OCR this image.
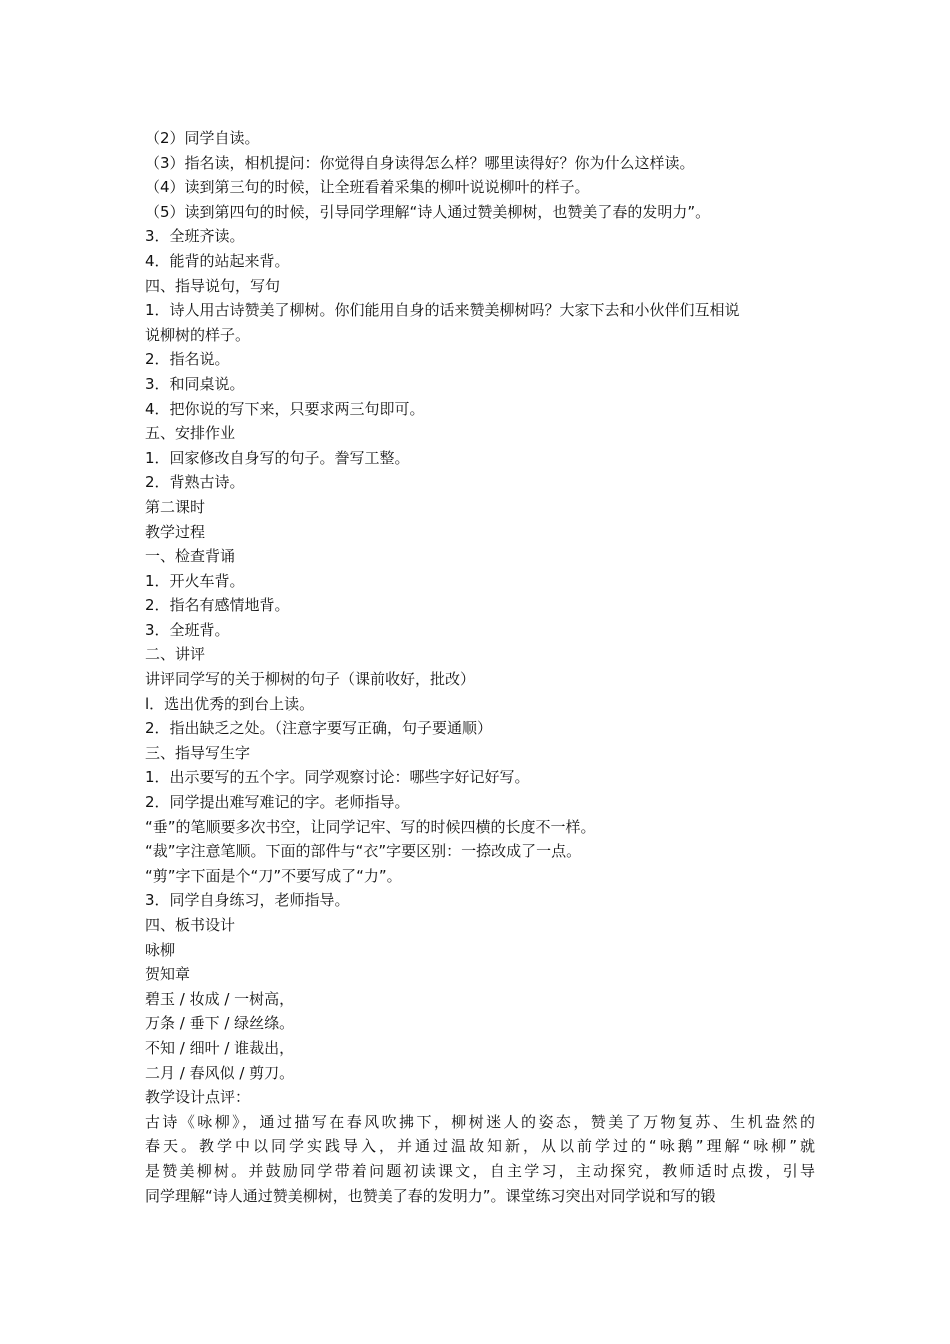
（2）同学自读。
（3）指名读，相机提问：你觉得自身读得怎么样？哪里读得好？你为什么这样读。
（4）读到第三句的时候，让全班看着采集的柳叶说说柳叶的样子。
（5）读到第四句的时候，引导同学理解“诗人通过赞美柳树，也赞美了春的发明力”。
3．全班齐读。
4．能背的站起来背。
四、指导说句，写句
1．诗人用古诗赞美了柳树。你们能用自身的话来赞美柳树吗？大家下去和小伙伴们互相说
说柳树的样子。
2．指名说。
3．和同桌说。
4．把你说的写下来，只要求两三句即可。
五、安排作业
1．回家修改自身写的句子。誊写工整。
2．背熟古诗。
第二课时
教学过程
一、检查背诵
1．开火车背。
2．指名有感情地背。
3．全班背。
二、讲评
讲评同学写的关于柳树的句子（课前收好，批改）
l．选出优秀的到台上读。
2．指出缺乏之处。（注意字要写正确，句子要通顺）
三、指导写生字
1．出示要写的五个字。同学观察讨论：哪些字好记好写。
2．同学提出难写难记的字。老师指导。
“垂”的笔顺要多次书空，让同学记牢、写的时候四横的长度不一样。
“裁”字注意笔顺。下面的部件与“衣”字要区别：一捺改成了一点。
“剪”字下面是个“刀”不要写成了“力”。
3．同学自身练习，老师指导。
四、板书设计
咏柳
贺知章
碧玉 / 妆成 / 一树高，
万条 / 垂下 / 绿丝绦。
不知 / 细叶 / 谁裁出，
二月 / 春风似 / 剪刀。
教学设计点评：
古诗《咏柳》，通过描写在春风吹拂下，柳树迷人的姿态，赞美了万物复苏、生机盎然的
春天。教学中以同学实践导入，并通过温故知新，从以前学过的“咏鹅”理解“咏柳”就
是赞美柳树。并鼓励同学带着问题初读课文，自主学习，主动探究，教师适时点拨，引导
同学理解“诗人通过赞美柳树，也赞美了春的发明力”。课堂练习突出对同学说和写的锻
